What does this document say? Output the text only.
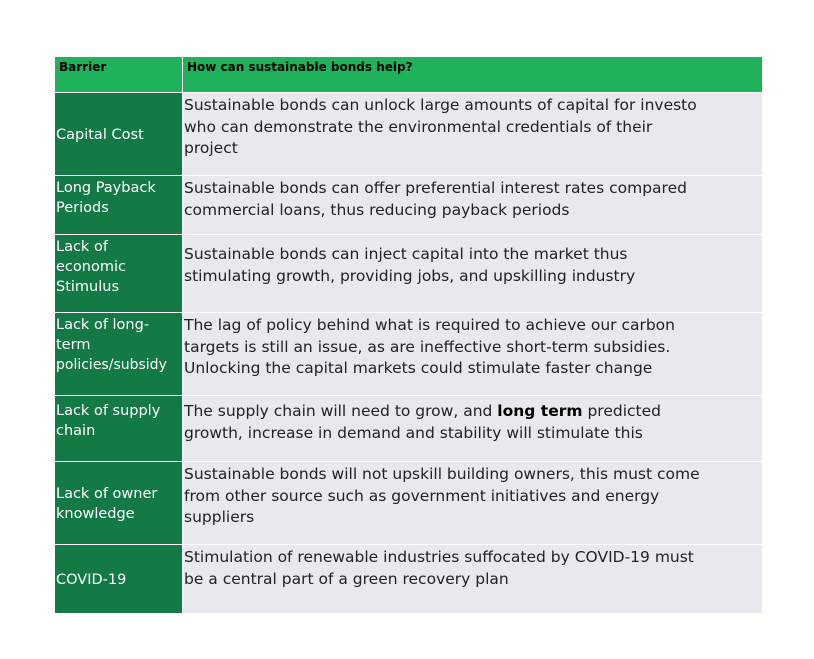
Barrier	How can sustainable bonds help?
Capital Cost
Sustainable bonds can unlock large amounts of capital for investo
who can demonstrate the environmental credentials of their
project
Long Payback
Periods
Sustainable bonds can offer preferential interest rates compared
commercial loans, thus reducing payback periods
Lack of
economic
Stimulus
Sustainable bonds can inject capital into the market thus
stimulating growth, providing jobs, and upskilling industry
Lack of long-
term
policies/subsidy
The lag of policy behind what is required to achieve our carbon
targets is still an issue, as are ineffective short-term subsidies.
Unlocking the capital markets could stimulate faster change
Lack of supply
chain
The supply chain will need to grow, and long term predicted
growth, increase in demand and stability will stimulate this
Lack of owner
knowledge
Sustainable bonds will not upskill building owners, this must come
from other source such as government initiatives and energy
suppliers
COVID-19
Stimulation of renewable industries suffocated by COVID-19 must
be a central part of a green recovery plan
